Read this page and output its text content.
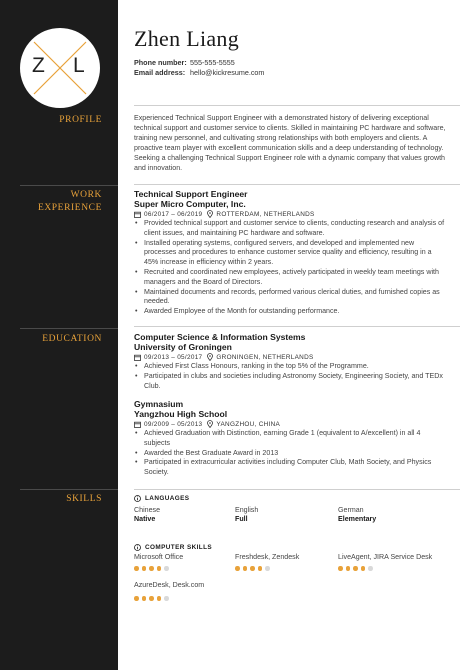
Z L
PROFILE
WORK
EXPERIENCE
EDUCATION
SKILLS
Zhen Liang
Phone number: 555-555-5555
Email address: hello@kickresume.com
Experienced Technical Support Engineer with a demonstrated history of delivering exceptional technical support and customer service to clients. Skilled in maintaining PC hardware and software, training new personnel, and cultivating strong relationships with both employers and clients. A proactive team player with excellent communication skills and a deep understanding of technology. Seeking a challenging Technical Support Engineer role with a dynamic company that values growth and innovation.
Technical Support Engineer
Super Micro Computer, Inc.
06/2017 – 06/2019 ROTTERDAM, NETHERLANDS
• Provided technical support and customer service to clients, conducting research and analysis of client issues, and maintaining PC hardware and software.
• Installed operating systems, configured servers, and developed and implemented new processes and procedures to enhance customer service quality and efficiency, resulting in a 45% increase in efficiency within 2 years.
• Recruited and coordinated new employees, actively participated in weekly team meetings with managers and the Board of Directors.
• Maintained documents and records, performed various clerical duties, and furnished copies as needed.
• Awarded Employee of the Month for outstanding performance.
Computer Science & Information Systems
University of Groningen
09/2013 – 05/2017 GRONINGEN, NETHERLANDS
• Achieved First Class Honours, ranking in the top 5% of the Programme.
• Participated in clubs and societies including Astronomy Society, Engineering Society, and TEDx Club.
Gymnasium
Yangzhou High School
09/2009 – 05/2013 YANGZHOU, CHINA
• Achieved Graduation with Distinction, earning Grade 1 (equivalent to A/excellent) in all 4 subjects
• Awarded the Best Graduate Award in 2013
• Participated in extracurricular activities including Computer Club, Math Society, and Physics Society.
LANGUAGES
Chinese
Native
English
Full
German
Elementary
COMPUTER SKILLS
Microsoft Office	Freshdesk, Zendesk	LiveAgent, JIRA Service Desk
AzureDesk, Desk.com
